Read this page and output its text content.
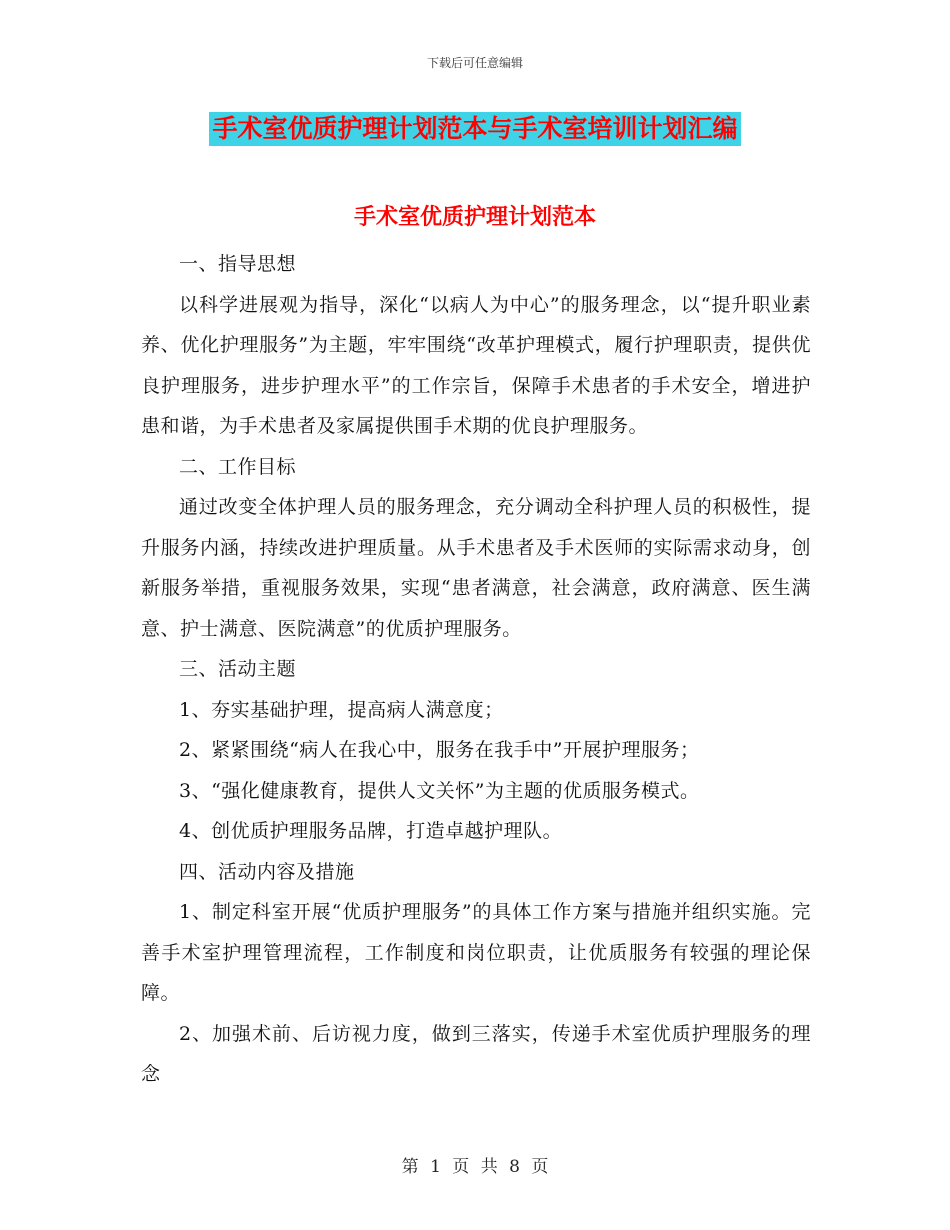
下载后可任意编辑
手术室优质护理计划范本与手术室培训计划汇编
手术室优质护理计划范本

一、指导思想

以科学进展观为指导，深化“以病人为中心”的服务理念，以“提升职业素养、优化护理服务”为主题，牢牢围绕“改革护理模式，履行护理职责，提供优良护理服务，进步护理水平”的工作宗旨，保障手术患者的手术安全，增进护患和谐，为手术患者及家属提供围手术期的优良护理服务。

二、工作目标

通过改变全体护理人员的服务理念，充分调动全科护理人员的积极性，提升服务内涵，持续改进护理质量。从手术患者及手术医师的实际需求动身，创新服务举措，重视服务效果，实现“患者满意，社会满意，政府满意、医生满意、护士满意、医院满意”的优质护理服务。

三、活动主题

1、夯实基础护理，提高病人满意度；

2、紧紧围绕“病人在我心中，服务在我手中”开展护理服务；

3、“强化健康教育，提供人文关怀”为主题的优质服务模式。

4、创优质护理服务品牌，打造卓越护理队。

四、活动内容及措施

1、制定科室开展“优质护理服务”的具体工作方案与措施并组织实施。完善手术室护理管理流程，工作制度和岗位职责，让优质服务有较强的理论保障。

2、加强术前、后访视力度，做到三落实，传递手术室优质护理服务的理念

第 1 页 共 8 页
